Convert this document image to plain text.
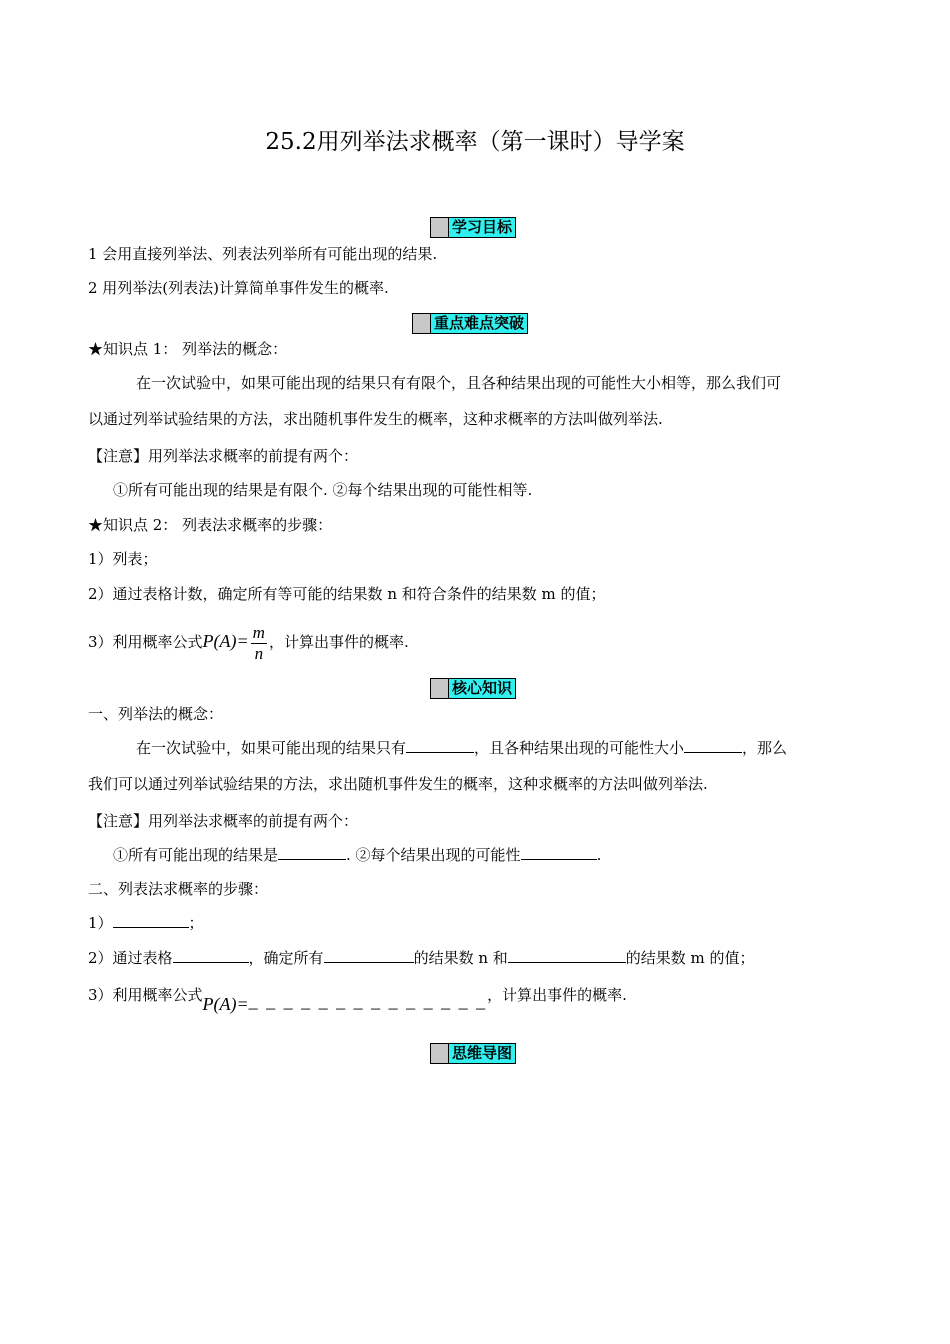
25.2用列举法求概率（第一课时）导学案
学习目标
1 会用直接列举法、列表法列举所有可能出现的结果.
2 用列举法(列表法)计算简单事件发生的概率.
重点难点突破
★知识点 1： 列举法的概念：
在一次试验中，如果可能出现的结果只有有限个，且各种结果出现的可能性大小相等，那么我们可
以通过列举试验结果的方法，求出随机事件发生的概率，这种求概率的方法叫做列举法.
【注意】用列举法求概率的前提有两个：
①所有可能出现的结果是有限个. ②每个结果出现的可能性相等.
★知识点 2： 列表法求概率的步骤：
1）列表；
2）通过表格计数，确定所有等可能的结果数 n 和符合条件的结果数 m 的值；
3）利用概率公式$P(A)= \frac{m}{n}$ ，计算出事件的概率.
核心知识
一、列举法的概念：
在一次试验中，如果可能出现的结果只有	，且各种结果出现的可能性大小	，那么
我们可以通过列举试验结果的方法，求出随机事件发生的概率，这种求概率的方法叫做列举法.
【注意】用列举法求概率的前提有两个：
①所有可能出现的结果是	. ②每个结果出现的可能性	.
二、列表法求概率的步骤：
1）	；
2）通过表格	，确定所有	的结果数 n 和	的结果数 m 的值；
3）利用概率公式P(A)=_ _ _ _ _ _ _ _ _ _ _ _ _ _，计算出事件的概率.
思维导图
